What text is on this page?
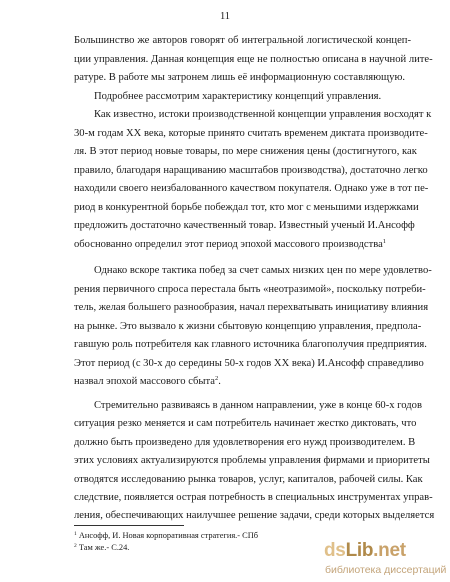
11
Большинство же авторов говорят об интегральной логистической концеп-
ции управления. Данная концепция еще не полностью описана в научной лите-
ратуре. В работе мы затронем лишь её информационную составляющую.
Подробнее рассмотрим характеристику концепций управления.
Как известно, истоки производственной концепции управления восходят к
30-м годам XX века, которые принято считать временем диктата производите-
ля. В этот период новые товары, по мере снижения цены (достигнутого, как
правило, благодаря наращиванию масштабов производства), достаточно легко
находили своего неизбалованного качеством покупателя. Однако уже в тот пе-
риод в конкурентной борьбе побеждал тот, кто мог с меньшими издержками
предложить достаточно качественный товар. Известный ученый И.Ансофф
обоснованно определил этот период эпохой массового производства$^1$
Однако вскоре тактика побед за счет самых низких цен по мере удовлетво-
рения первичного спроса перестала быть «неотразимой», поскольку потреби-
тель, желая большего разнообразия, начал перехватывать инициативу влияния
на рынке. Это вызвало к жизни сбытовую концепцию управления, предпола-
гавшую роль потребителя как главного источника благополучия предприятия.
Этот период (с 30-х до середины 50-х годов XX века) И.Ансофф справедливо
назвал эпохой массового сбыта$^2$.
Стремительно развиваясь в данном направлении, уже в конце 60-х годов
ситуация резко меняется и сам потребитель начинает жестко диктовать, что
должно быть произведено для удовлетворения его нужд производителем. В
этих условиях актуализируются проблемы управления фирмами и приоритеты
отводятся исследованию рынка товаров, услуг, капиталов, рабочей силы. Как
следствие, появляется острая потребность в специальных инструментах управ-
ления, обеспечивающих наилучшее решение задачи, среди которых выделяется
$^1$ Ансофф, И. Новая корпоративная стратегия.- СПб
$^2$ Там же.- С.24.	dsLib.net
библиотека диссертаций
